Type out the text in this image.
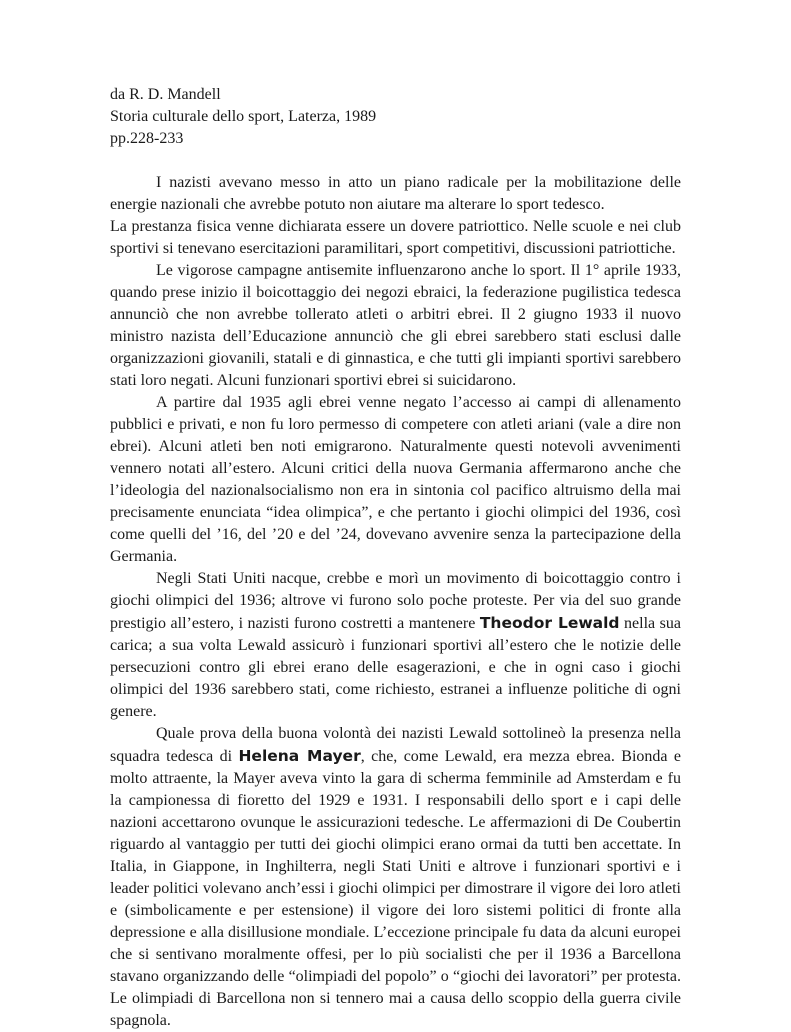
da R. D. Mandell

Storia culturale dello sport, Laterza, 1989

pp.228-233

I nazisti avevano messo in atto un piano radicale per la mobilitazione delle energie nazionali che avrebbe potuto non aiutare ma alterare lo sport tedesco.

La prestanza fisica venne dichiarata essere un dovere patriottico. Nelle scuole e nei club sportivi si tenevano esercitazioni paramilitari, sport competitivi, discussioni patriottiche.

Le vigorose campagne antisemite influenzarono anche lo sport. Il 1° aprile 1933, quando prese inizio il boicottaggio dei negozi ebraici, la federazione pugilistica tedesca annunciò che non avrebbe tollerato atleti o arbitri ebrei. Il 2 giugno 1933 il nuovo ministro nazista dell’Educazione annunciò che gli ebrei sarebbero stati esclusi dalle organizzazioni giovanili, statali e di ginnastica, e che tutti gli impianti sportivi sarebbero stati loro negati. Alcuni funzionari sportivi ebrei si suicidarono.

A partire dal 1935 agli ebrei venne negato l’accesso ai campi di allenamento pubblici e privati, e non fu loro permesso di competere con atleti ariani (vale a dire non ebrei). Alcuni atleti ben noti emigrarono. Naturalmente questi notevoli avvenimenti vennero notati all’estero. Alcuni critici della nuova Germania affermarono anche che l’ideologia del nazionalsocialismo non era in sintonia col pacifico altruismo della mai precisamente enunciata “idea olimpica”, e che pertanto i giochi olimpici del 1936, così come quelli del ’16, del ’20 e del ’24, dovevano avvenire senza la partecipazione della Germania.

Negli Stati Uniti nacque, crebbe e morì un movimento di boicottaggio contro i giochi olimpici del 1936; altrove vi furono solo poche proteste. Per via del suo grande prestigio all’estero, i nazisti furono costretti a mantenere Theodor Lewald nella sua carica; a sua volta Lewald assicurò i funzionari sportivi all’estero che le notizie delle persecuzioni contro gli ebrei erano delle esagerazioni, e che in ogni caso i giochi olimpici del 1936 sarebbero stati, come richiesto, estranei a influenze politiche di ogni genere.

Quale prova della buona volontà dei nazisti Lewald sottolineò la presenza nella squadra tedesca di Helena Mayer, che, come Lewald, era mezza ebrea. Bionda e molto attraente, la Mayer aveva vinto la gara di scherma femminile ad Amsterdam e fu la campionessa di fioretto del 1929 e 1931. I responsabili dello sport e i capi delle nazioni accettarono ovunque le assicurazioni tedesche. Le affermazioni di De Coubertin riguardo al vantaggio per tutti dei giochi olimpici erano ormai da tutti ben accettate. In Italia, in Giappone, in Inghilterra, negli Stati Uniti e altrove i funzionari sportivi e i leader politici volevano anch’essi i giochi olimpici per dimostrare il vigore dei loro atleti e (simbolicamente e per estensione) il vigore dei loro sistemi politici di fronte alla depressione e alla disillusione mondiale. L’eccezione principale fu data da alcuni europei che si sentivano moralmente offesi, per lo più socialisti che per il 1936 a Barcellona stavano organizzando delle “olimpiadi del popolo” o “giochi dei lavoratori” per protesta. Le olimpiadi di Barcellona non si tennero mai a causa dello scoppio della guerra civile spagnola.
